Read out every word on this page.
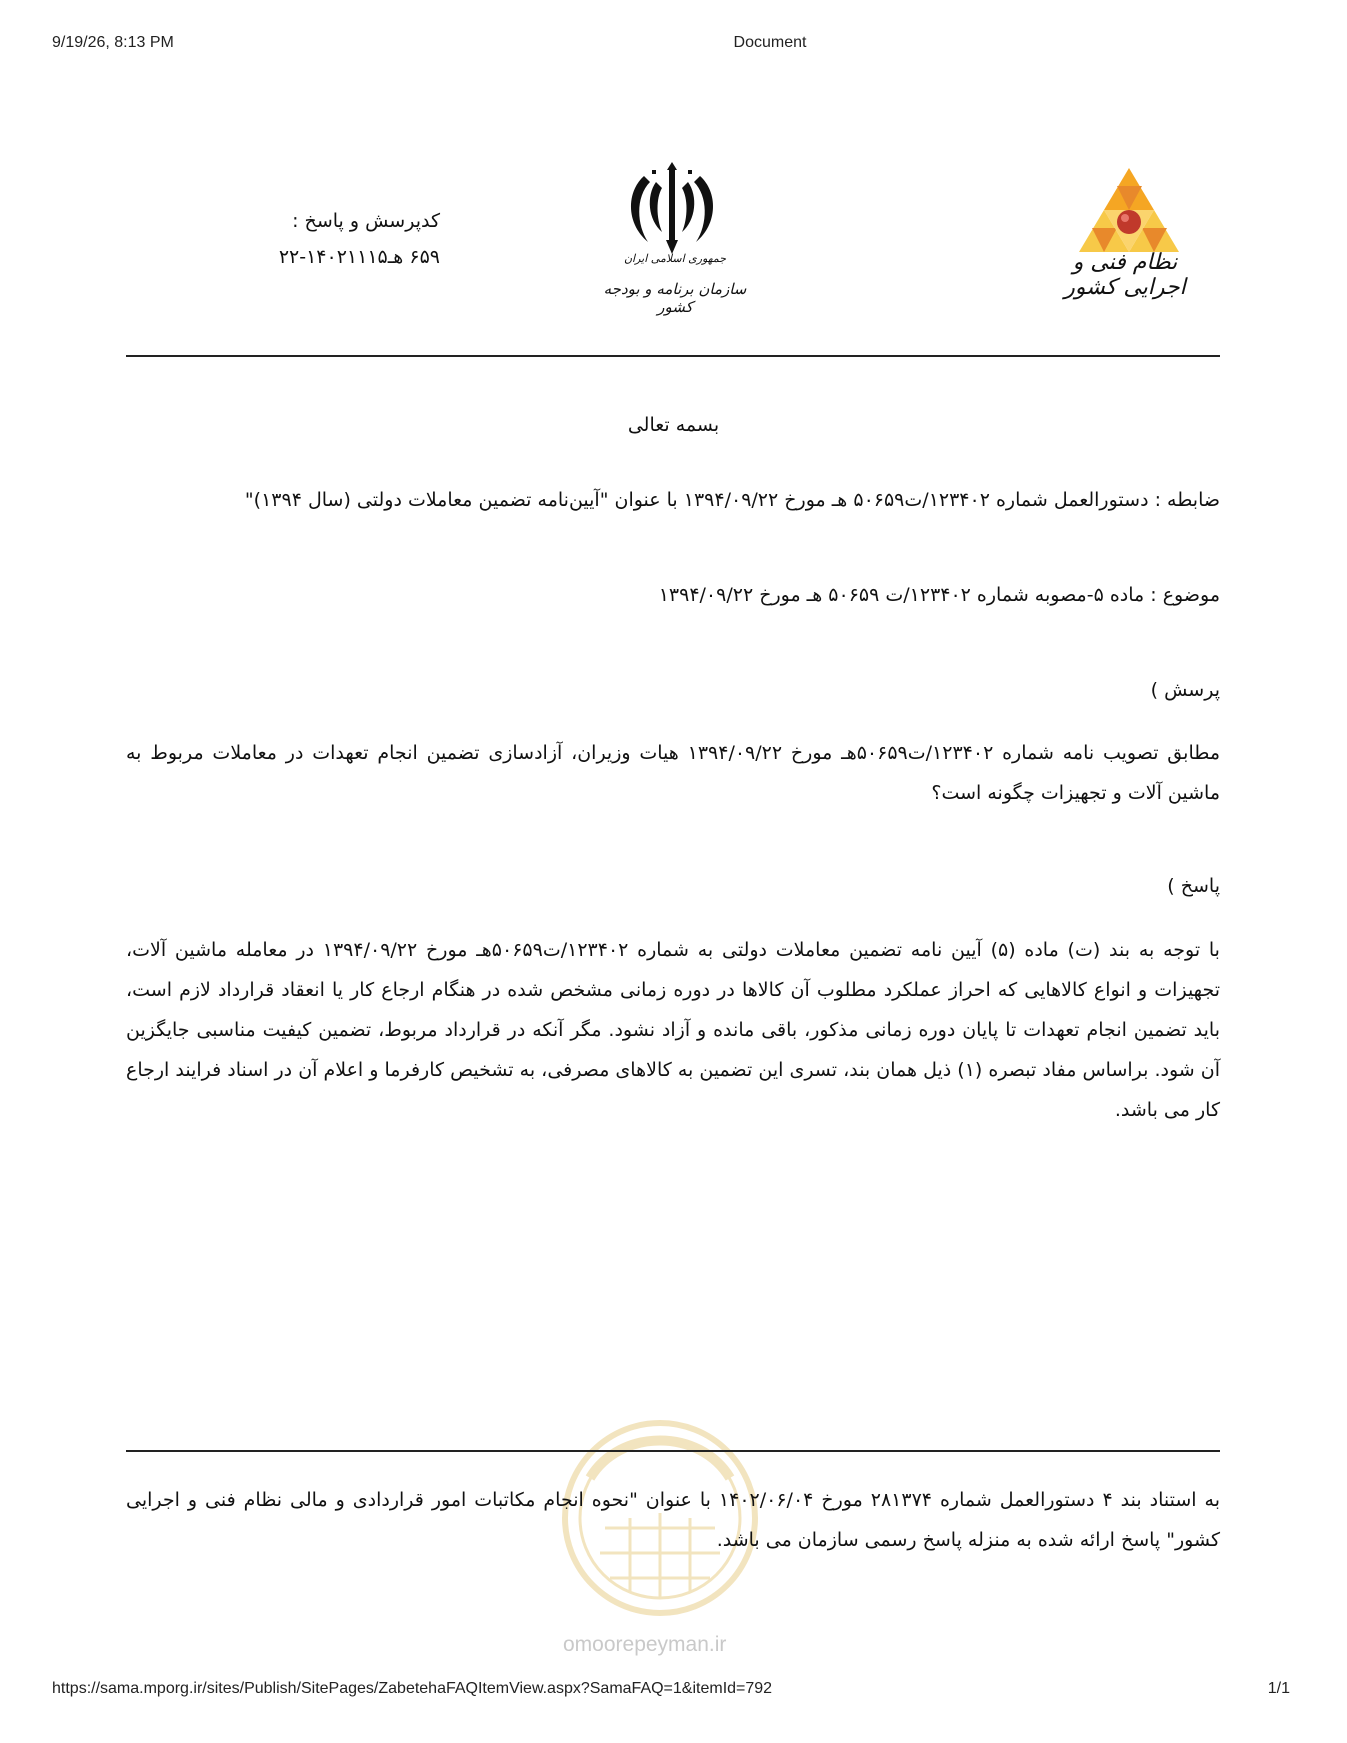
9/19/26, 8:13 PM	Document
نظام فنی و اجرایی کشور
جمهوری اسلامی ایران
سازمان برنامه و بودجه کشور
کدپرسش و پاسخ :
۶۵۹ هـ۱۴۰۲۱۱۱۵-۲۲
بسمه تعالی
ضابطه : دستورالعمل شماره ۱۲۳۴۰۲/ت۵۰۶۵۹ هـ مورخ ۱۳۹۴/۰۹/۲۲ با عنوان "آیین‌نامه تضمین معاملات دولتی (سال ۱۳۹۴)"
موضوع : ماده ۵-مصوبه شماره ۱۲۳۴۰۲/ت ۵۰۶۵۹ هـ مورخ ۱۳۹۴/۰۹/۲۲
پرسش )
مطابق تصویب نامه شماره ۱۲۳۴۰۲/ت۵۰۶۵۹هـ مورخ ۱۳۹۴/۰۹/۲۲ هیات وزیران، آزادسازی تضمین انجام تعهدات در معاملات مربوط به ماشین آلات و تجهیزات چگونه است؟
پاسخ )
با توجه به بند (ت) ماده (۵) آیین نامه تضمین معاملات دولتی به شماره ۱۲۳۴۰۲/ت۵۰۶۵۹هـ مورخ ۱۳۹۴/۰۹/۲۲ در معامله ماشین آلات، تجهیزات و انواع کالاهایی که احراز عملکرد مطلوب آن کالاها در دوره زمانی مشخص شده در هنگام ارجاع کار یا انعقاد قرارداد لازم است، باید تضمین انجام تعهدات تا پایان دوره زمانی مذکور، باقی مانده و آزاد نشود. مگر آنکه در قرارداد مربوط، تضمین کیفیت مناسبی جایگزین آن شود. براساس مفاد تبصره (۱) ذیل همان بند، تسری این تضمین به کالاهای مصرفی، به تشخیص کارفرما و اعلام آن در اسناد فرایند ارجاع کار می باشد.
omoorepeyman.ir
به استناد بند ۴ دستورالعمل شماره ۲۸۱۳۷۴ مورخ ۱۴۰۲/۰۶/۰۴ با عنوان "نحوه انجام مکاتبات امور قراردادی و مالی نظام فنی و اجرایی کشور" پاسخ ارائه شده به منزله پاسخ رسمی سازمان می باشد.
https://sama.mporg.ir/sites/Publish/SitePages/ZabetehaFAQItemView.aspx?SamaFAQ=1&itemId=792	1/1
